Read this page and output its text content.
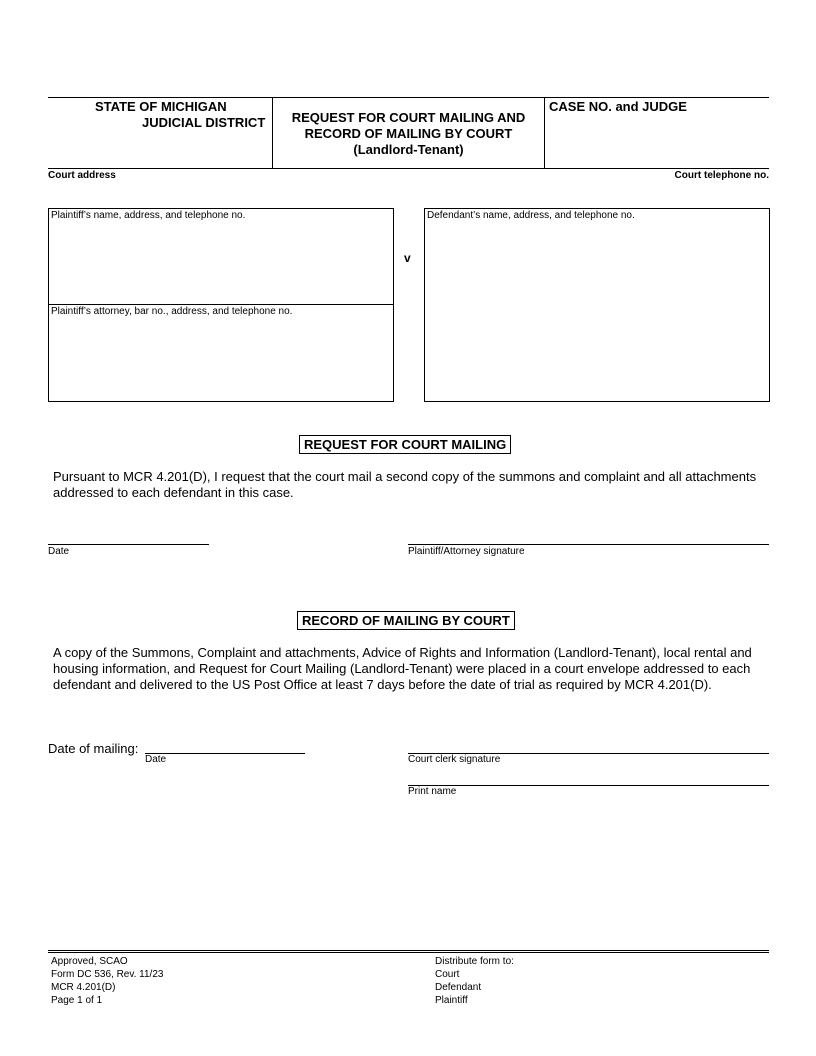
STATE OF MICHIGAN
JUDICIAL DISTRICT	REQUEST FOR COURT MAILING AND
RECORD OF MAILING BY COURT
(Landlord-Tenant)
CASE NO. and JUDGE
Court address	Court telephone no.
Plaintiff’s name, address, and telephone no.
Plaintiff’s attorney, bar no., address, and telephone no.
v
Defendant’s name, address, and telephone no.
REQUEST FOR COURT MAILING
Pursuant to MCR 4.201(D), I request that the court mail a second copy of the summons and complaint and all attachments addressed to each defendant in this case.
Date	Plaintiff/Attorney signature
RECORD OF MAILING BY COURT
A copy of the Summons, Complaint and attachments, Advice of Rights and Information (Landlord-Tenant), local rental and housing information, and Request for Court Mailing (Landlord-Tenant) were placed in a court envelope addressed to each defendant and delivered to the US Post Office at least 7 days before the date of trial as required by MCR 4.201(D).
Date of mailing:
Date	Court clerk signature
Print name
Approved, SCAO
Form DC 536, Rev. 11/23
MCR 4.201(D)
Page 1 of 1
Distribute form to:
Court
Defendant
Plaintiff
